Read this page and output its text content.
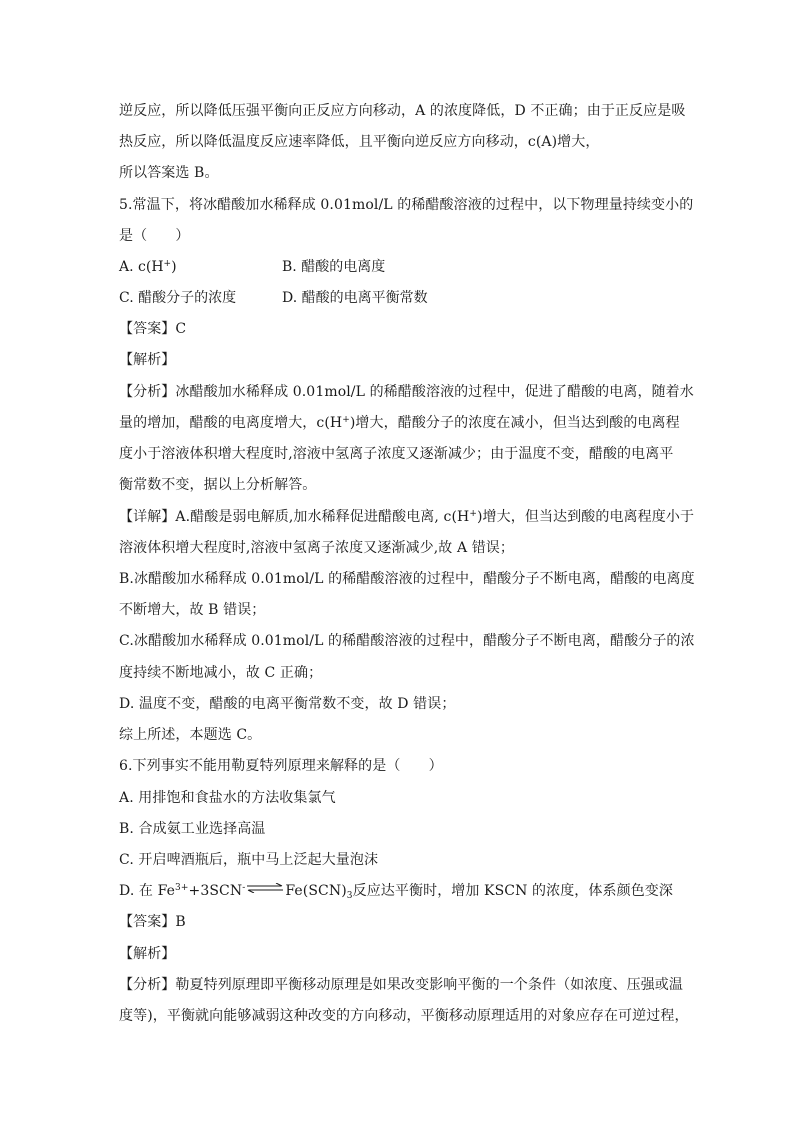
逆反应，所以降低压强平衡向正反应方向移动，A 的浓度降低，D 不正确；由于正反应是吸
热反应，所以降低温度反应速率降低，且平衡向逆反应方向移动，c(A)增大，
所以答案选 B。
5.常温下，将冰醋酸加水稀释成 0.01mol/L 的稀醋酸溶液的过程中，以下物理量持续变小的
是（　　）
A. c(H+)	B. 醋酸的电离度
C. 醋酸分子的浓度	D. 醋酸的电离平衡常数
【答案】C
【解析】
【分析】冰醋酸加水稀释成 0.01mol/L 的稀醋酸溶液的过程中，促进了醋酸的电离，随着水
量的增加，醋酸的电离度增大，c(H+)增大，醋酸分子的浓度在减小，但当达到酸的电离程
度小于溶液体积增大程度时,溶液中氢离子浓度又逐渐减少；由于温度不变，醋酸的电离平
衡常数不变，据以上分析解答。
【详解】A.醋酸是弱电解质,加水稀释促进醋酸电离, c(H+)增大，但当达到酸的电离程度小于
溶液体积增大程度时,溶液中氢离子浓度又逐渐减少,故 A 错误；
B.冰醋酸加水稀释成 0.01mol/L 的稀醋酸溶液的过程中，醋酸分子不断电离，醋酸的电离度
不断增大，故 B 错误；
C.冰醋酸加水稀释成 0.01mol/L 的稀醋酸溶液的过程中，醋酸分子不断电离，醋酸分子的浓
度持续不断地减小，故 C 正确；
D. 温度不变，醋酸的电离平衡常数不变，故 D 错误；
综上所述，本题选 C。
6.下列事实不能用勒夏特列原理来解释的是（　　）
A. 用排饱和食盐水的方法收集氯气
B. 合成氨工业选择高温
C. 开启啤酒瓶后，瓶中马上泛起大量泡沫
D. 在 $Fe^{3+}+3SCN^-\rightleftharpoons Fe(SCN)_3$反应达平衡时，增加 KSCN 的浓度，体系颜色变深
【答案】B
【解析】
【分析】勒夏特列原理即平衡移动原理是如果改变影响平衡的一个条件（如浓度、压强或温
度等)，平衡就向能够减弱这种改变的方向移动，平衡移动原理适用的对象应存在可逆过程，
